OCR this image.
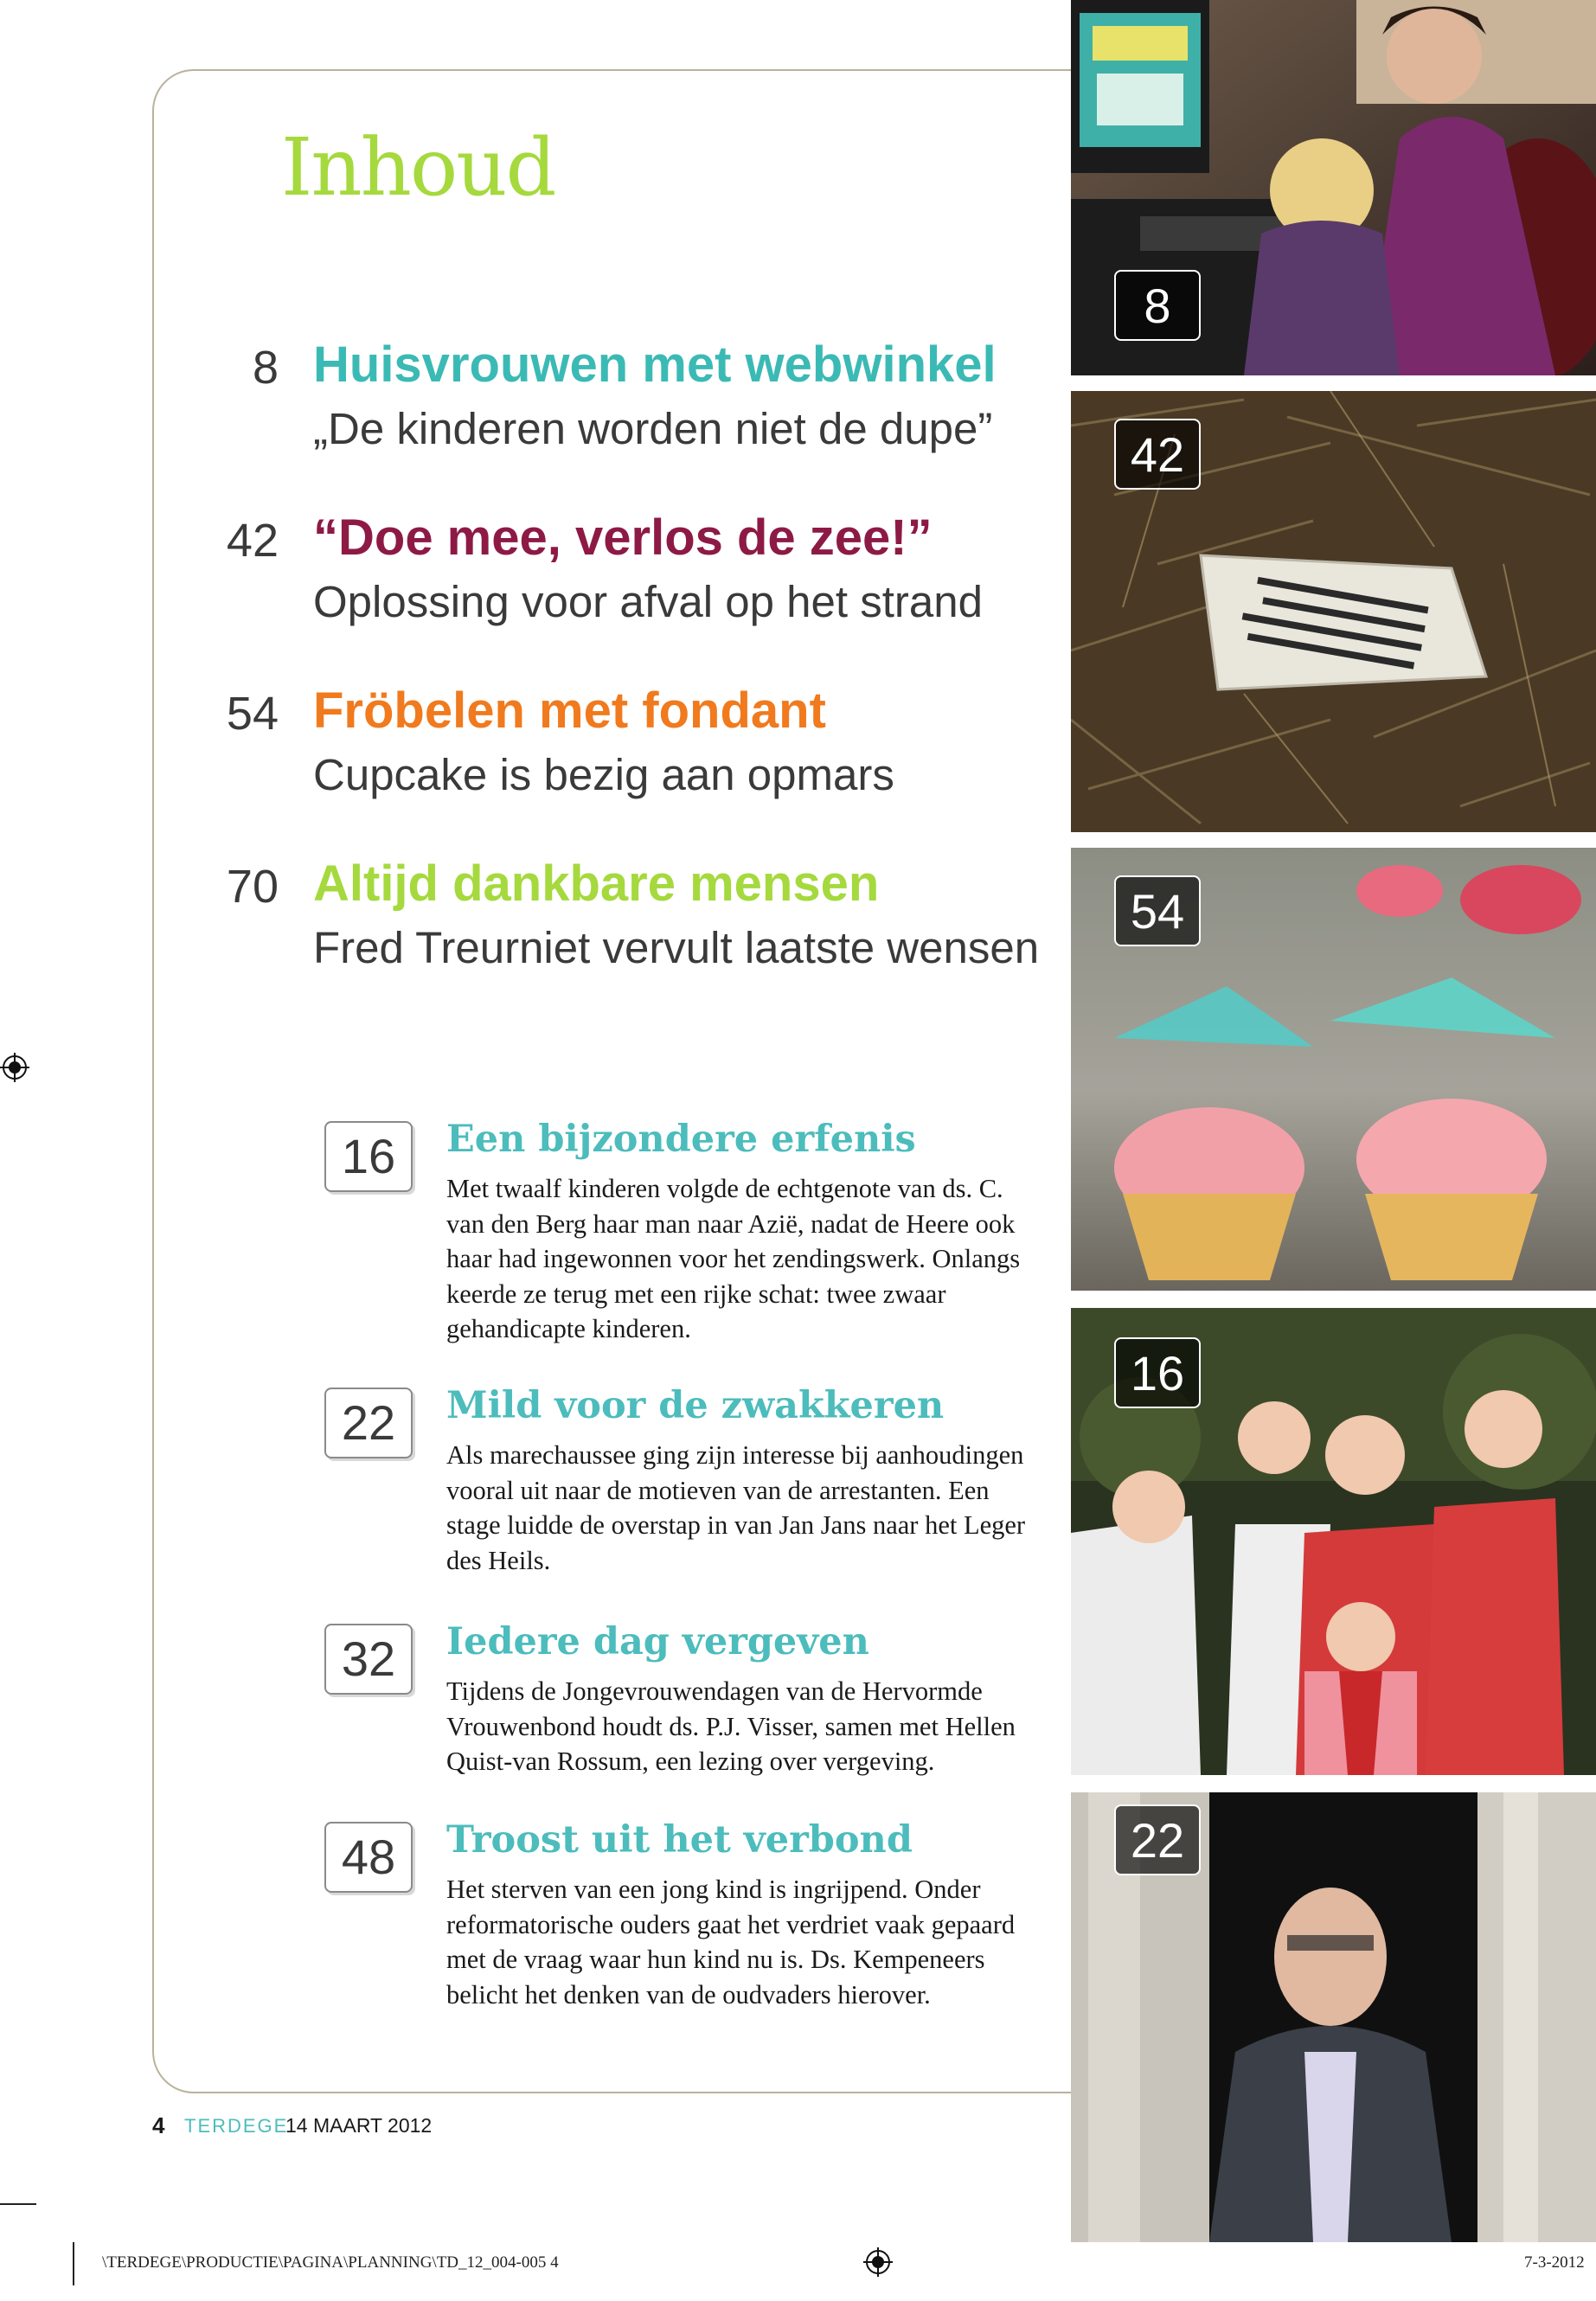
Inhoud
8 Huisvrouwen met webwinkel
„De kinderen worden niet de dupe”
42 “Doe mee, verlos de zee!”
Oplossing voor afval op het strand
54 Fröbelen met fondant
Cupcake is bezig aan opmars
70 Altijd dankbare mensen
Fred Treurniet vervult laatste wensen
16	Een bijzondere erfenis
Met twaalf kinderen volgde de echtgenote van ds. C. van den Berg haar man naar Azië, nadat de Heere ook haar had ingewonnen voor het zendingswerk. Onlangs keerde ze terug met een rijke schat: twee zwaar gehandicapte kinderen.
22	Mild voor de zwakkeren
Als marechaussee ging zijn interesse bij aanhoudingen vooral uit naar de motieven van de arrestanten. Een stage luidde de overstap in van Jan Jans naar het Leger des Heils.
32	Iedere dag vergeven
Tijdens de Jongevrouwendagen van de Hervormde Vrouwenbond houdt ds. P.J. Visser, samen met Hellen Quist-van Rossum, een lezing over vergeving.
48	Troost uit het verbond
Het sterven van een jong kind is ingrijpend. Onder reformatorische ouders gaat het verdriet vaak gepaard met de vraag waar hun kind nu is. Ds. Kempeneers belicht het denken van de oudvaders hierover.
8
42
54
16
22
4 TERDEGE
14 MAART 2012
\TERDEGE\PRODUCTIE\PAGINA\PLANNING\TD_12_004-005 4	7-3-2012
